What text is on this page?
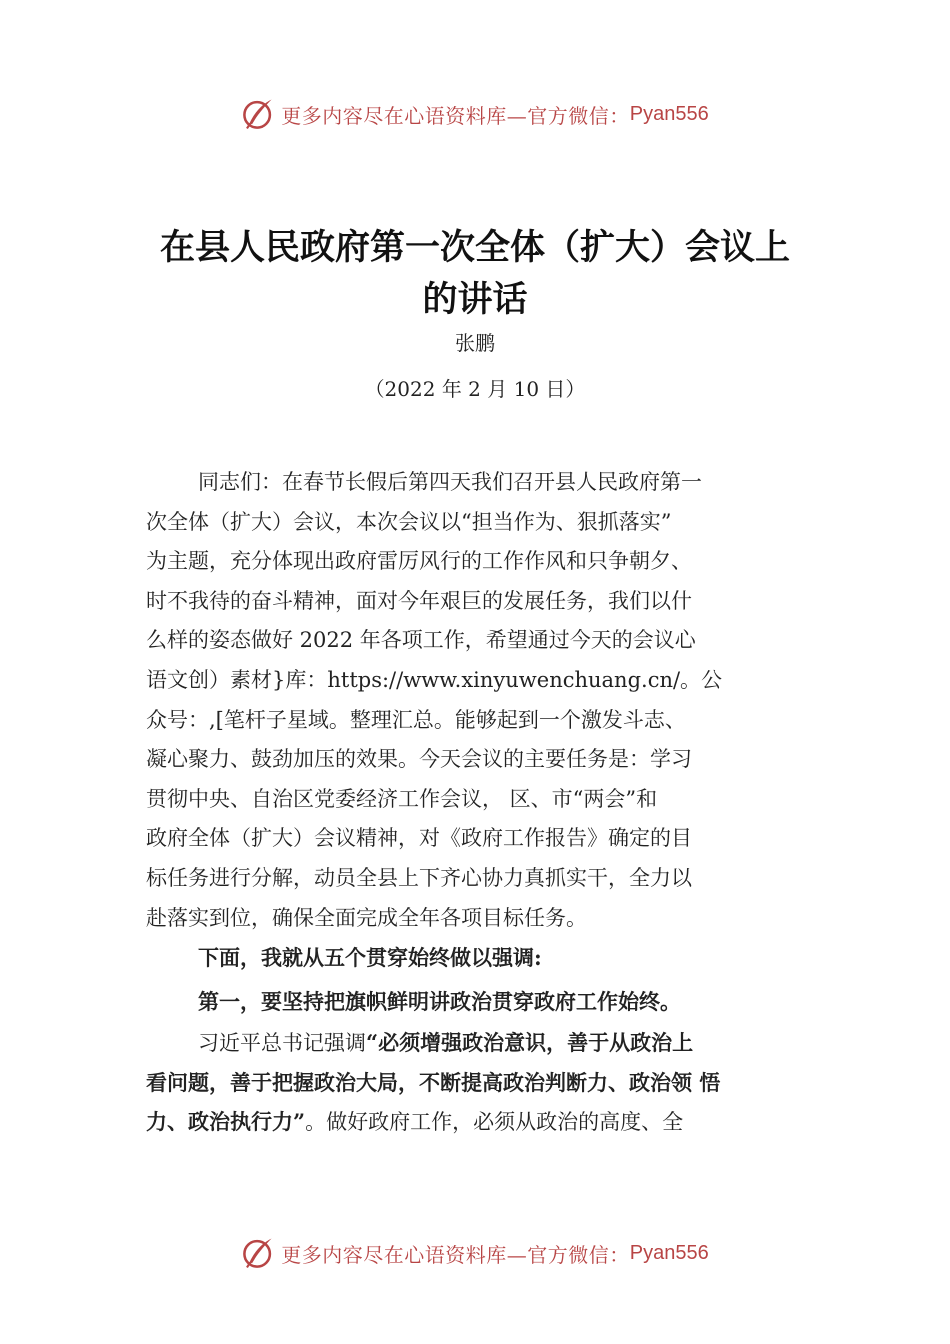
更多内容尽在心语资料库—官方微信： Pyan556
在县人民政府第一次全体（扩大）会议上
的讲话
张鹏
（2022 年 2 月 10 日）
同志们：在春节长假后第四天我们召开县人民政府第一
次全体（扩大）会议，本次会议以“担当作为、狠抓落实”
为主题，充分体现出政府雷厉风行的工作作风和只争朝夕、
时不我待的奋斗精神，面对今年艰巨的发展任务，我们以什
么样的姿态做好 2022 年各项工作，希望通过今天的会议心
语文创）素材}库：https://www.xinyuwenchuang.cn/。公
众号：,[笔杆子星域。整理汇总。能够起到一个激发斗志、
凝心聚力、鼓劲加压的效果。今天会议的主要任务是：学习
贯彻中央、自治区党委经济工作会议， 区、市“两会”和
政府全体（扩大）会议精神，对《政府工作报告》确定的目
标任务进行分解，动员全县上下齐心协力真抓实干，全力以
赴落实到位，确保全面完成全年各项目标任务。
下面，我就从五个贯穿始终做以强调:
第一，要坚持把旗帜鲜明讲政治贯穿政府工作始终。
习近平总书记强调“必须增强政治意识，善于从政治上
看问题，善于把握政治大局，不断提高政治判断力、政治领 悟
力、政治执行力”。做好政府工作，必须从政治的高度、全
更多内容尽在心语资料库—官方微信： Pyan556
